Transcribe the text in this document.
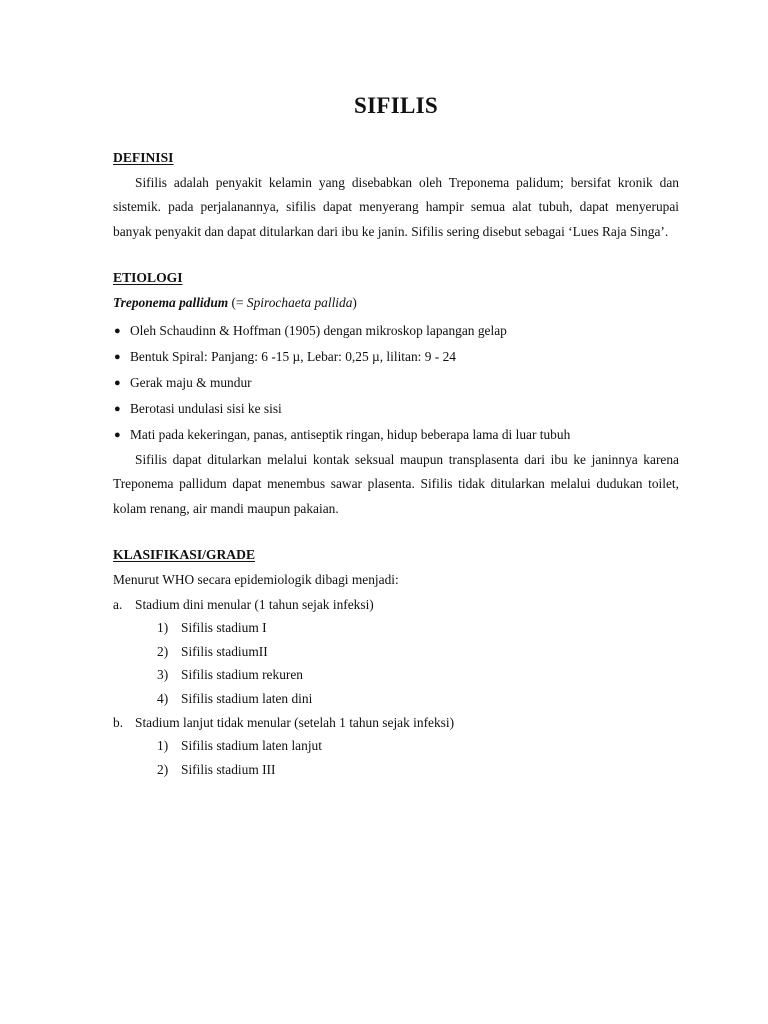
SIFILIS

DEFINISI

Sifilis adalah penyakit kelamin yang disebabkan oleh Treponema palidum; bersifat kronik dan sistemik. pada perjalanannya, sifilis dapat menyerang hampir semua alat tubuh, dapat menyerupai banyak penyakit dan dapat ditularkan dari ibu ke janin. Sifilis sering disebut sebagai ‘Lues Raja Singa’.

ETIOLOGI

Treponema pallidum (= Spirochaeta pallida)

● Oleh Schaudinn & Hoffman (1905) dengan mikroskop lapangan gelap
● Bentuk Spiral: Panjang: 6 -15 µ, Lebar: 0,25 µ, lilitan: 9 - 24
● Gerak maju & mundur
● Berotasi undulasi sisi ke sisi
● Mati pada kekeringan, panas, antiseptik ringan, hidup beberapa lama di luar tubuh

Sifilis dapat ditularkan melalui kontak seksual maupun transplasenta dari ibu ke janinnya karena Treponema pallidum dapat menembus sawar plasenta. Sifilis tidak ditularkan melalui dudukan toilet, kolam renang, air mandi maupun pakaian.

KLASIFIKASI/GRADE

Menurut WHO secara epidemiologik dibagi menjadi:

a. Stadium dini menular (1 tahun sejak infeksi)
1) Sifilis stadium I
2) Sifilis stadiumII
3) Sifilis stadium rekuren
4) Sifilis stadium laten dini
b. Stadium lanjut tidak menular (setelah 1 tahun sejak infeksi)
1) Sifilis stadium laten lanjut
2) Sifilis stadium III
